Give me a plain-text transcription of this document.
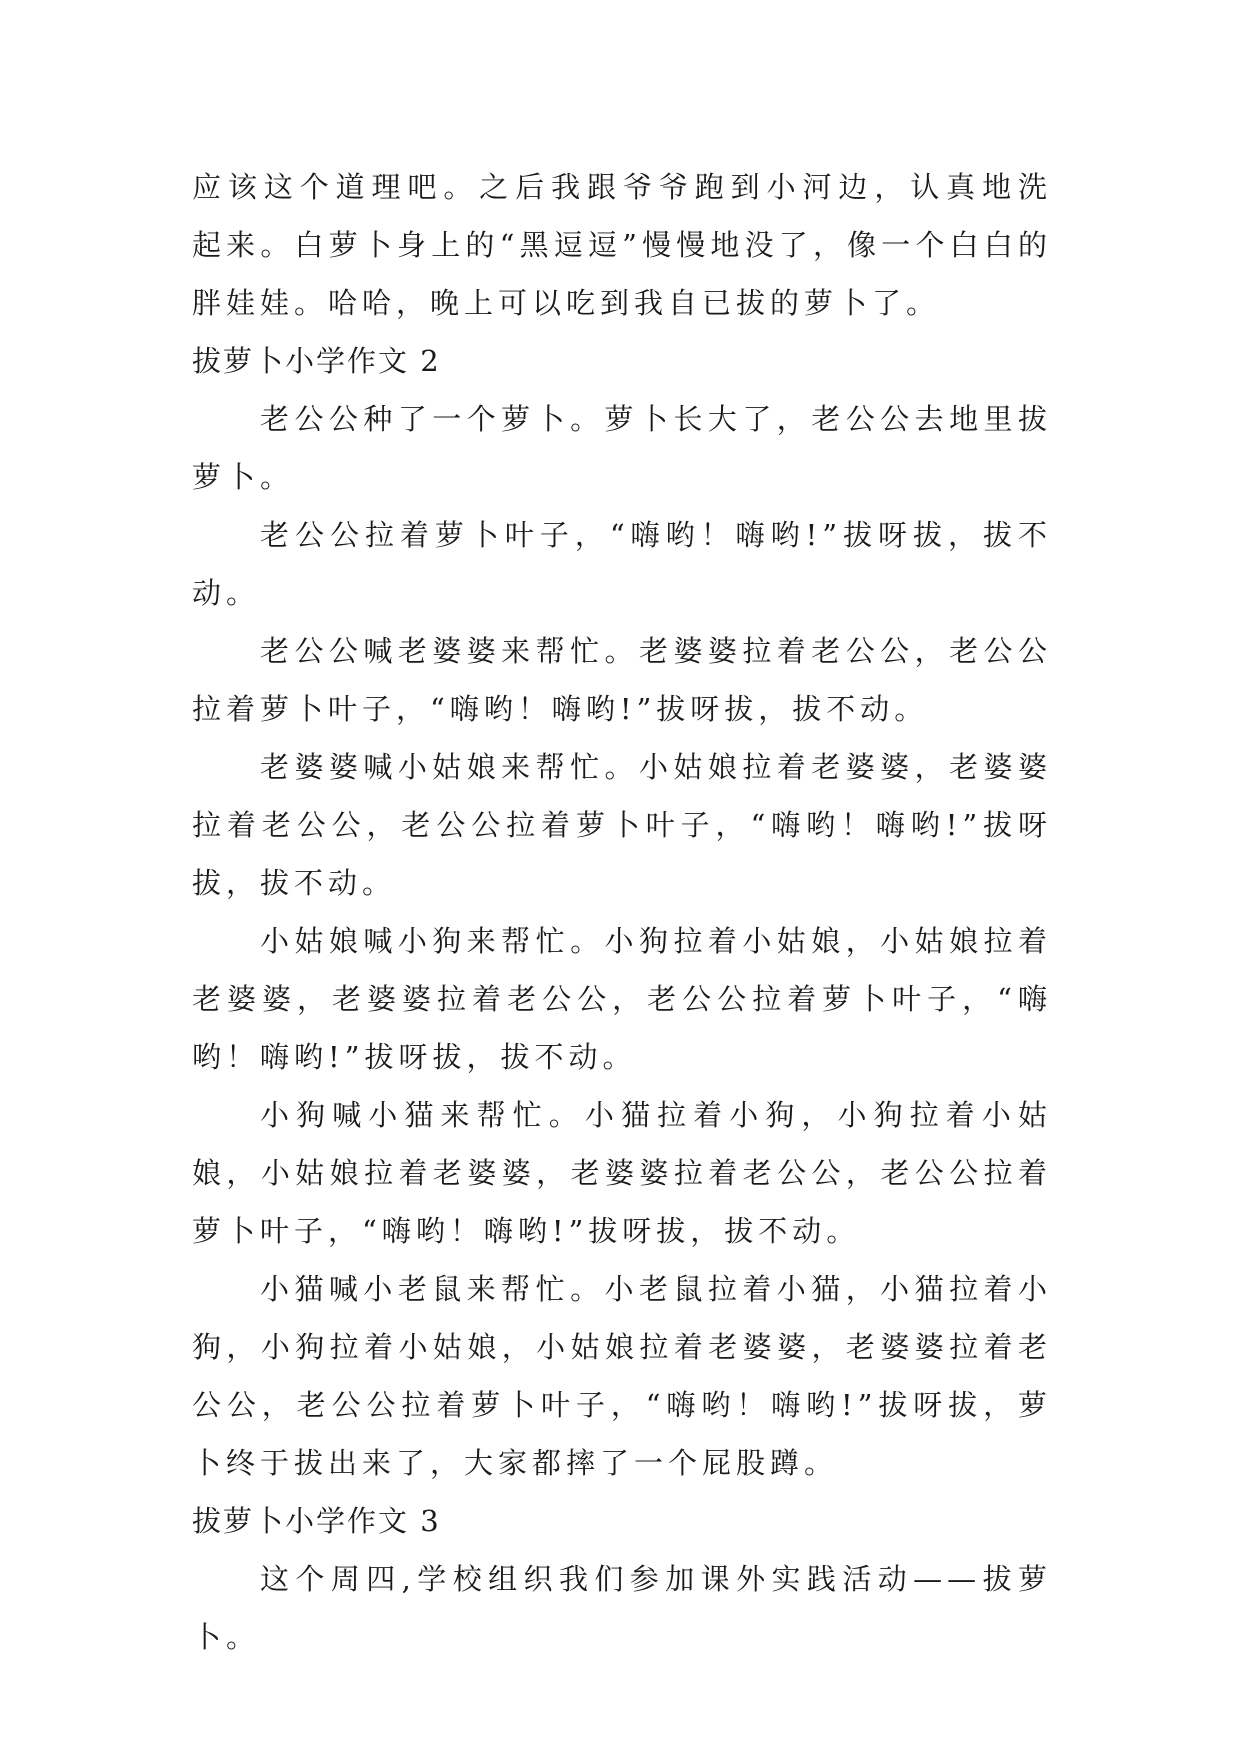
应该这个道理吧。之后我跟爷爷跑到小河边，认真地洗 起来。白萝卜身上的“黑逗逗”慢慢地没了，像一个白白的胖娃娃。哈哈，晚上可以吃到我自已拔的萝卜了。

拔萝卜小学作文 2

老公公种了一个萝卜。萝卜长大了，老公公去地里拔萝卜。

老公公拉着萝卜叶子，“嗨哟！嗨哟!”拔呀拔，拔不动。

老公公喊老婆婆来帮忙。老婆婆拉着老公公，老公公拉着萝卜叶子，“嗨哟！嗨哟!”拔呀拔，拔不动。

老婆婆喊小姑娘来帮忙。小姑娘拉着老婆婆，老婆婆拉着老公公，老公公拉着萝卜叶子，“嗨哟！嗨哟!”拔呀拔，拔不动。

小姑娘喊小狗来帮忙。小狗拉着小姑娘，小姑娘拉着老婆婆，老婆婆拉着老公公，老公公拉着萝卜叶子，“嗨哟！嗨哟!”拔呀拔，拔不动。

小狗喊小猫来帮忙。小猫拉着小狗，小狗拉着小姑娘，小姑娘拉着老婆婆，老婆婆拉着老公公，老公公拉着萝卜叶子，“嗨哟！嗨哟!”拔呀拔，拔不动。

小猫喊小老鼠来帮忙。小老鼠拉着小猫，小猫拉着小狗，小狗拉着小姑娘，小姑娘拉着老婆婆，老婆婆拉着老公公，老公公拉着萝卜叶子，“嗨哟！嗨哟!”拔呀拔，萝卜终于拔出来了，大家都摔了一个屁股蹲。

拔萝卜小学作文 3

这个周四,学校组织我们参加课外实践活动——拔萝卜。
